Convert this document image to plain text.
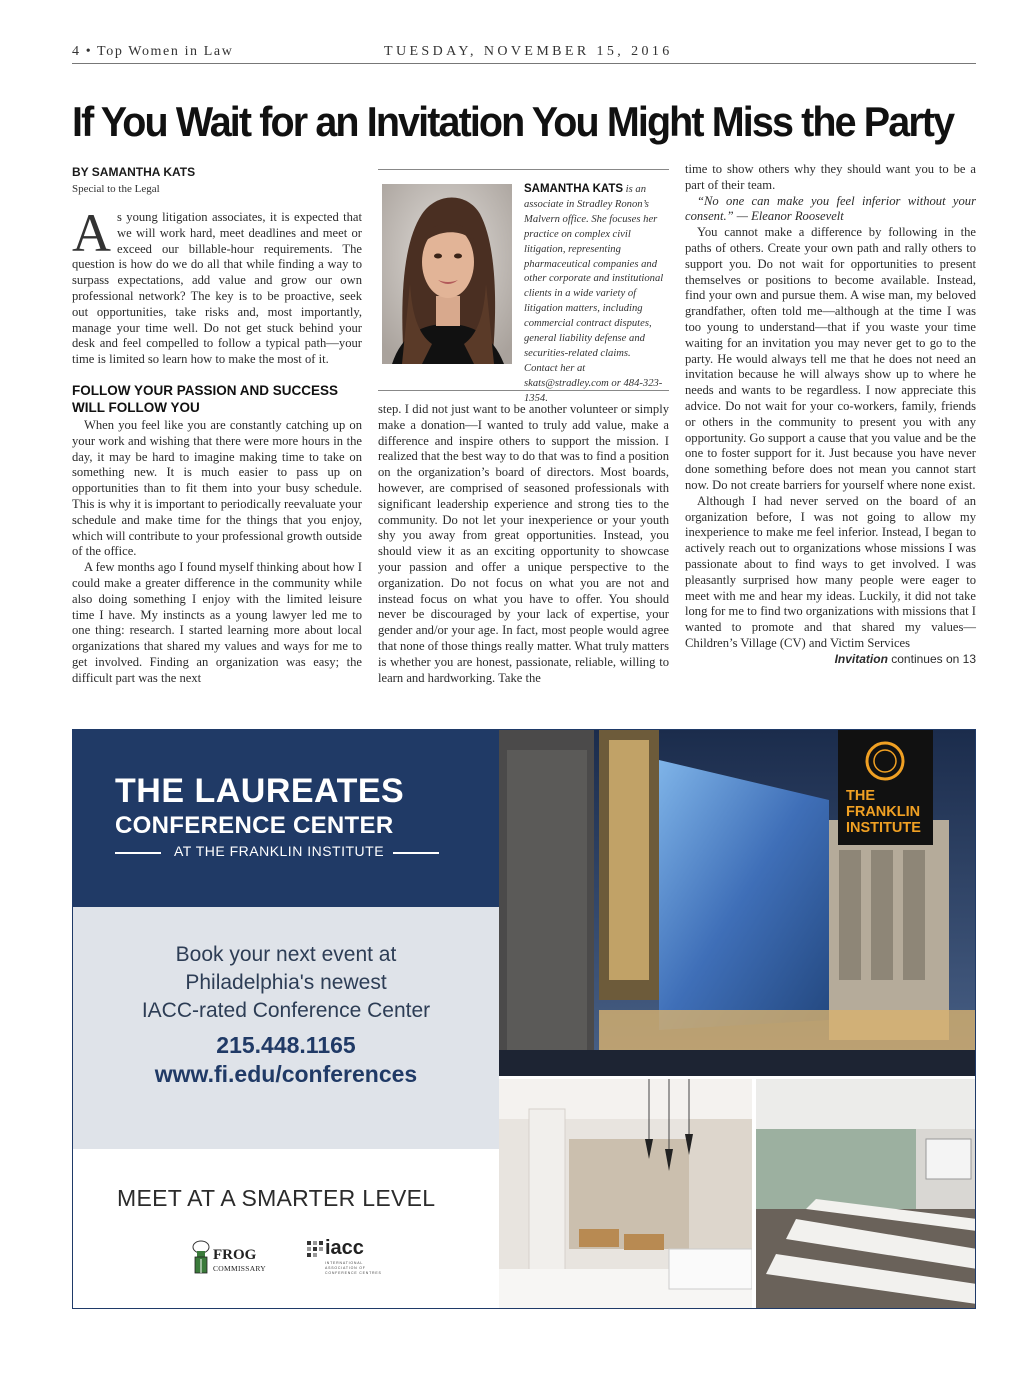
4 • Top Women in Law	TUESDAY, NOVEMBER 15, 2016
If You Wait for an Invitation You Might Miss the Party
BY SAMANTHA KATS
Special to the Legal

As young litigation associates, it is expected that we will work hard, meet deadlines and meet or exceed our billable-hour requirements. The question is how do we do all that while finding a way to surpass expectations, add value and grow our own professional network? The key is to be proactive, seek out opportunities, take risks and, most importantly, manage your time well. Do not get stuck behind your desk and feel compelled to follow a typical path—your time is limited so learn how to make the most of it.

FOLLOW YOUR PASSION AND SUCCESS WILL FOLLOW YOU

When you feel like you are constantly catching up on your work and wishing that there were more hours in the day, it may be hard to imagine making time to take on something new. It is much easier to pass up on opportunities than to fit them into your busy schedule. This is why it is important to periodically reevaluate your schedule and make time for the things that you enjoy, which will contribute to your professional growth outside of the office.

A few months ago I found myself thinking about how I could make a greater difference in the community while also doing something I enjoy with the limited leisure time I have. My instincts as a young lawyer led me to one thing: research. I started learning more about local organizations that shared my values and ways for me to get involved. Finding an organization was easy; the difficult part was the next

SAMANTHA KATS is an associate in Stradley Ronon’s Malvern office. She focuses her practice on complex civil litigation, representing pharmaceutical companies and other corporate and institutional clients in a wide variety of litigation matters, including commercial contract disputes, general liability defense and securities-related claims. Contact her at skats@stradley.com or 484-323-1354.

step. I did not just want to be another volunteer or simply make a donation—I wanted to truly add value, make a difference and inspire others to support the mission. I realized that the best way to do that was to find a position on the organization’s board of directors. Most boards, however, are comprised of seasoned professionals with significant leadership experience and strong ties to the community. Do not let your inexperience or your youth shy you away from great opportunities. Instead, you should view it as an exciting opportunity to showcase your passion and offer a unique perspective to the organization. Do not focus on what you are not and instead focus on what you have to offer. You should never be discouraged by your lack of expertise, your gender and/or your age. In fact, most people would agree that none of those things really matter. What truly matters is whether you are honest, passionate, reliable, willing to learn and hardworking. Take the

time to show others why they should want you to be a part of their team.

“No one can make you feel inferior without your consent.” — Eleanor Roosevelt

You cannot make a difference by following in the paths of others. Create your own path and rally others to support you. Do not wait for opportunities to present themselves or positions to become available. Instead, find your own and pursue them. A wise man, my beloved grandfather, often told me—although at the time I was too young to understand—that if you waste your time waiting for an invitation you may never get to go to the party. He would always tell me that he does not need an invitation because he will always show up to where he needs and wants to be regardless. I now appreciate this advice. Do not wait for your co-workers, family, friends or others in the community to present you with any opportunity. Go support a cause that you value and be the one to foster support for it. Just because you have never done something before does not mean you cannot start now. Do not create barriers for yourself where none exist.

Although I had never served on the board of an organization before, I was not going to allow my inexperience to make me feel inferior. Instead, I began to actively reach out to organizations whose missions I was passionate about to find ways to get involved. I was pleasantly surprised how many people were eager to meet with me and hear my ideas. Luckily, it did not take long for me to find two organizations with missions that I wanted to promote and that shared my values—Children’s Village (CV) and Victim Services

Invitation continues on 13

THE LAUREATES
CONFERENCE CENTER
AT THE FRANKLIN INSTITUTE
Book your next event at
Philadelphia's newest
IACC-rated Conference Center
215.448.1165
www.fi.edu/conferences
MEET AT A SMARTER LEVEL
FROG
COMMISSARY
iacc
INTERNATIONAL ASSOCIATION OF CONFERENCE CENTRES
THE
FRANKLIN
INSTITUTE
